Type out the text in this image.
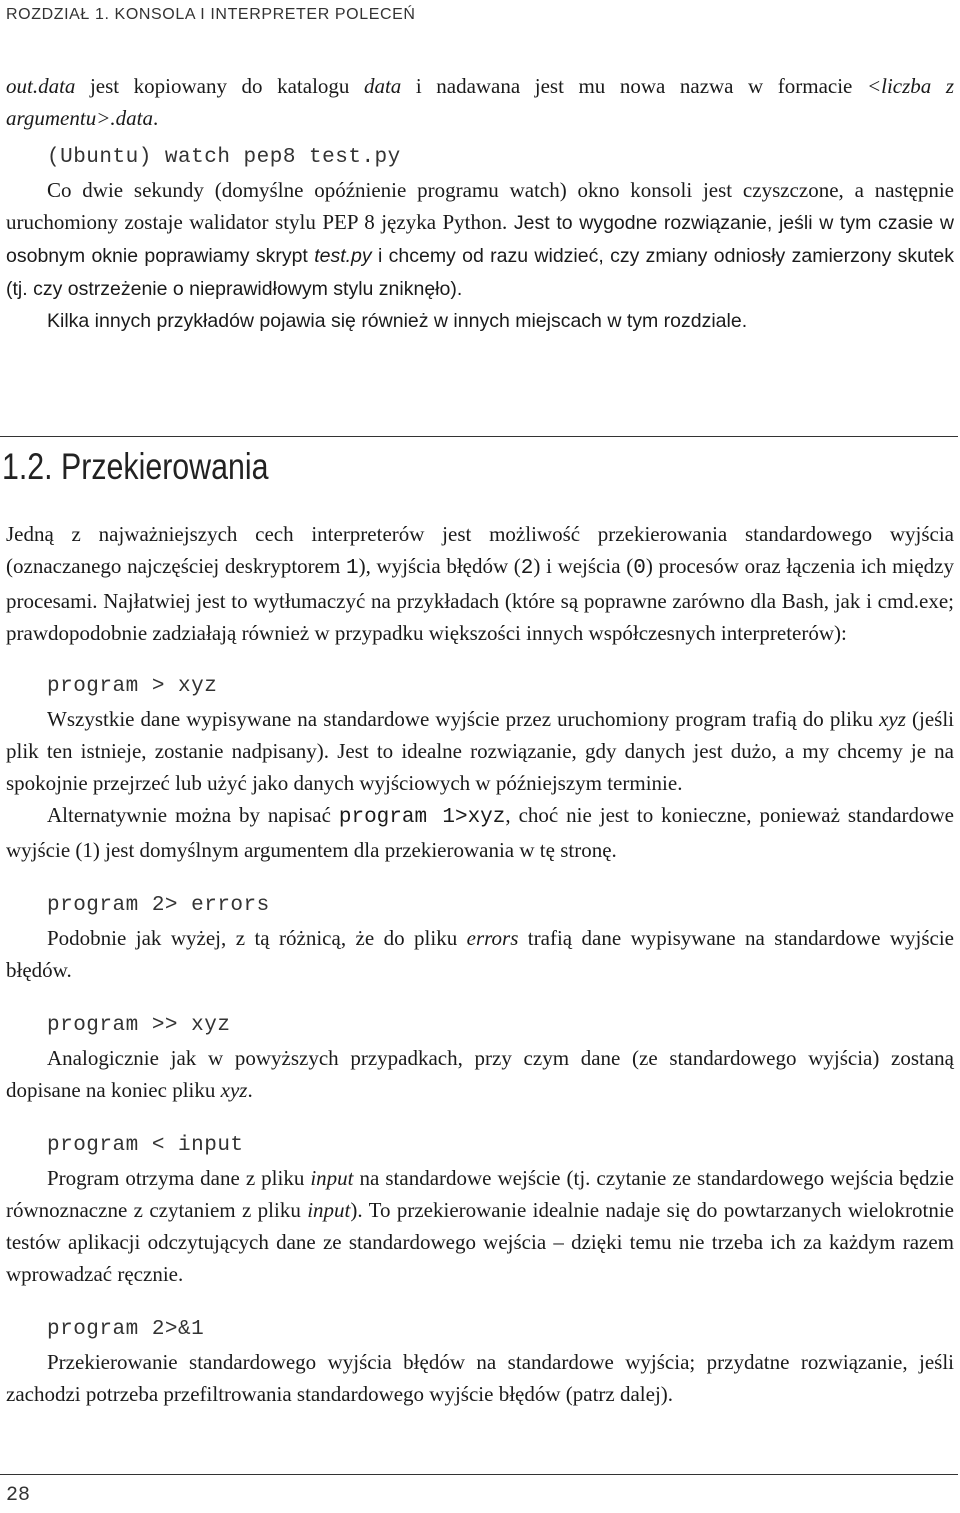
ROZDZIAŁ 1. KONSOLA I INTERPRETER POLECEŃ

out.data jest kopiowany do katalogu data i nadawana jest mu nowa nazwa w formacie <liczba z argumentu>.data.

(Ubuntu) watch pep8 test.py

Co dwie sekundy (domyślne opóźnienie programu watch) okno konsoli jest czyszczone, a następnie uruchomiony zostaje walidator stylu PEP 8 języka Python. Jest to wygodne rozwiązanie, jeśli w tym czasie w osobnym oknie poprawiamy skrypt test.py i chcemy od razu widzieć, czy zmiany odniosły zamierzony skutek (tj. czy ostrzeżenie o nieprawidłowym stylu zniknęło).

Kilka innych przykładów pojawia się również w innych miejscach w tym rozdziale.

1.2. Przekierowania

Jedną z najważniejszych cech interpreterów jest możliwość przekierowania standardowego wyjścia (oznaczanego najczęściej deskryptorem 1), wyjścia błędów (2) i wejścia (0) procesów oraz łączenia ich między procesami. Najłatwiej jest to wytłumaczyć na przykładach (które są poprawne zarówno dla Bash, jak i cmd.exe; prawdopodobnie zadziałają również w przypadku większości innych współczesnych interpreterów):

program > xyz

Wszystkie dane wypisywane na standardowe wyjście przez uruchomiony program trafią do pliku xyz (jeśli plik ten istnieje, zostanie nadpisany). Jest to idealne rozwiązanie, gdy danych jest dużo, a my chcemy je na spokojnie przejrzeć lub użyć jako danych wyjściowych w późniejszym terminie.

Alternatywnie można by napisać program 1>xyz, choć nie jest to konieczne, ponieważ standardowe wyjście (1) jest domyślnym argumentem dla przekierowania w tę stronę.

program 2> errors

Podobnie jak wyżej, z tą różnicą, że do pliku errors trafią dane wypisywane na standardowe wyjście błędów.

program >> xyz

Analogicznie jak w powyższych przypadkach, przy czym dane (ze standardowego wyjścia) zostaną dopisane na koniec pliku xyz.

program < input

Program otrzyma dane z pliku input na standardowe wejście (tj. czytanie ze standardowego wejścia będzie równoznaczne z czytaniem z pliku input). To przekierowanie idealnie nadaje się do powtarzanych wielokrotnie testów aplikacji odczytujących dane ze standardowego wejścia – dzięki temu nie trzeba ich za każdym razem wprowadzać ręcznie.

program 2>&1

Przekierowanie standardowego wyjścia błędów na standardowe wyjścia; przydatne rozwiązanie, jeśli zachodzi potrzeba przefiltrowania standardowego wyjście błędów (patrz dalej).

28
